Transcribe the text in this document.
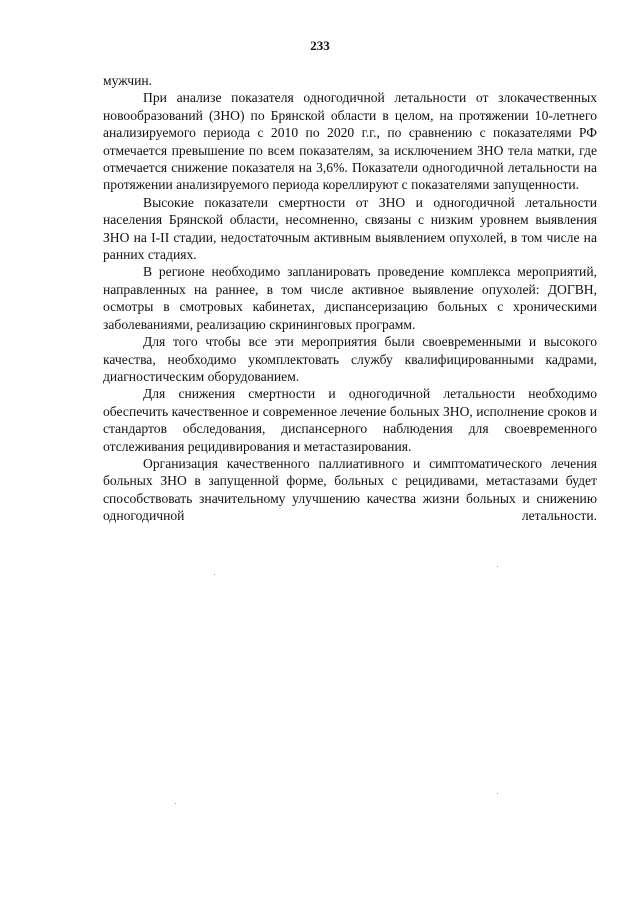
233

мужчин.

При анализе показателя одногодичной летальности от злокачественных новообразований (ЗНО) по Брянской области в целом, на протяжении 10-летнего анализируемого периода с 2010 по 2020 г.г., по сравнению с показателями РФ отмечается превышение по всем показателям, за исключением ЗНО тела матки, где отмечается снижение показателя на 3,6%. Показатели одногодичной летальности на протяжении анализируемого периода кореллируют с показателями запущенности.

Высокие показатели смертности от ЗНО и одногодичной летальности населения Брянской области, несомненно, связаны с низким уровнем выявления ЗНО на I-II стадии, недостаточным активным выявлением опухолей, в том числе на ранних стадиях.

В регионе необходимо запланировать проведение комплекса мероприятий, направленных на раннее, в том числе активное выявление опухолей: ДОГВН, осмотры в смотровых кабинетах, диспансеризацию больных с хроническими заболеваниями, реализацию скрининговых программ.

Для того чтобы все эти мероприятия были своевременными и высокого качества, необходимо укомплектовать службу квалифицированными кадрами, диагностическим оборудованием.

Для снижения смертности и одногодичной летальности необходимо обеспечить качественное и современное лечение больных ЗНО, исполнение сроков и стандартов обследования, диспансерного наблюдения для своевременного отслеживания рецидивирования и метастазирования.

Организация качественного паллиативного и симптоматического лечения больных ЗНО в запущенной форме, больных с рецидивами, метастазами будет способствовать значительному улучшению качества жизни больных и снижению одногодичной летальности.
